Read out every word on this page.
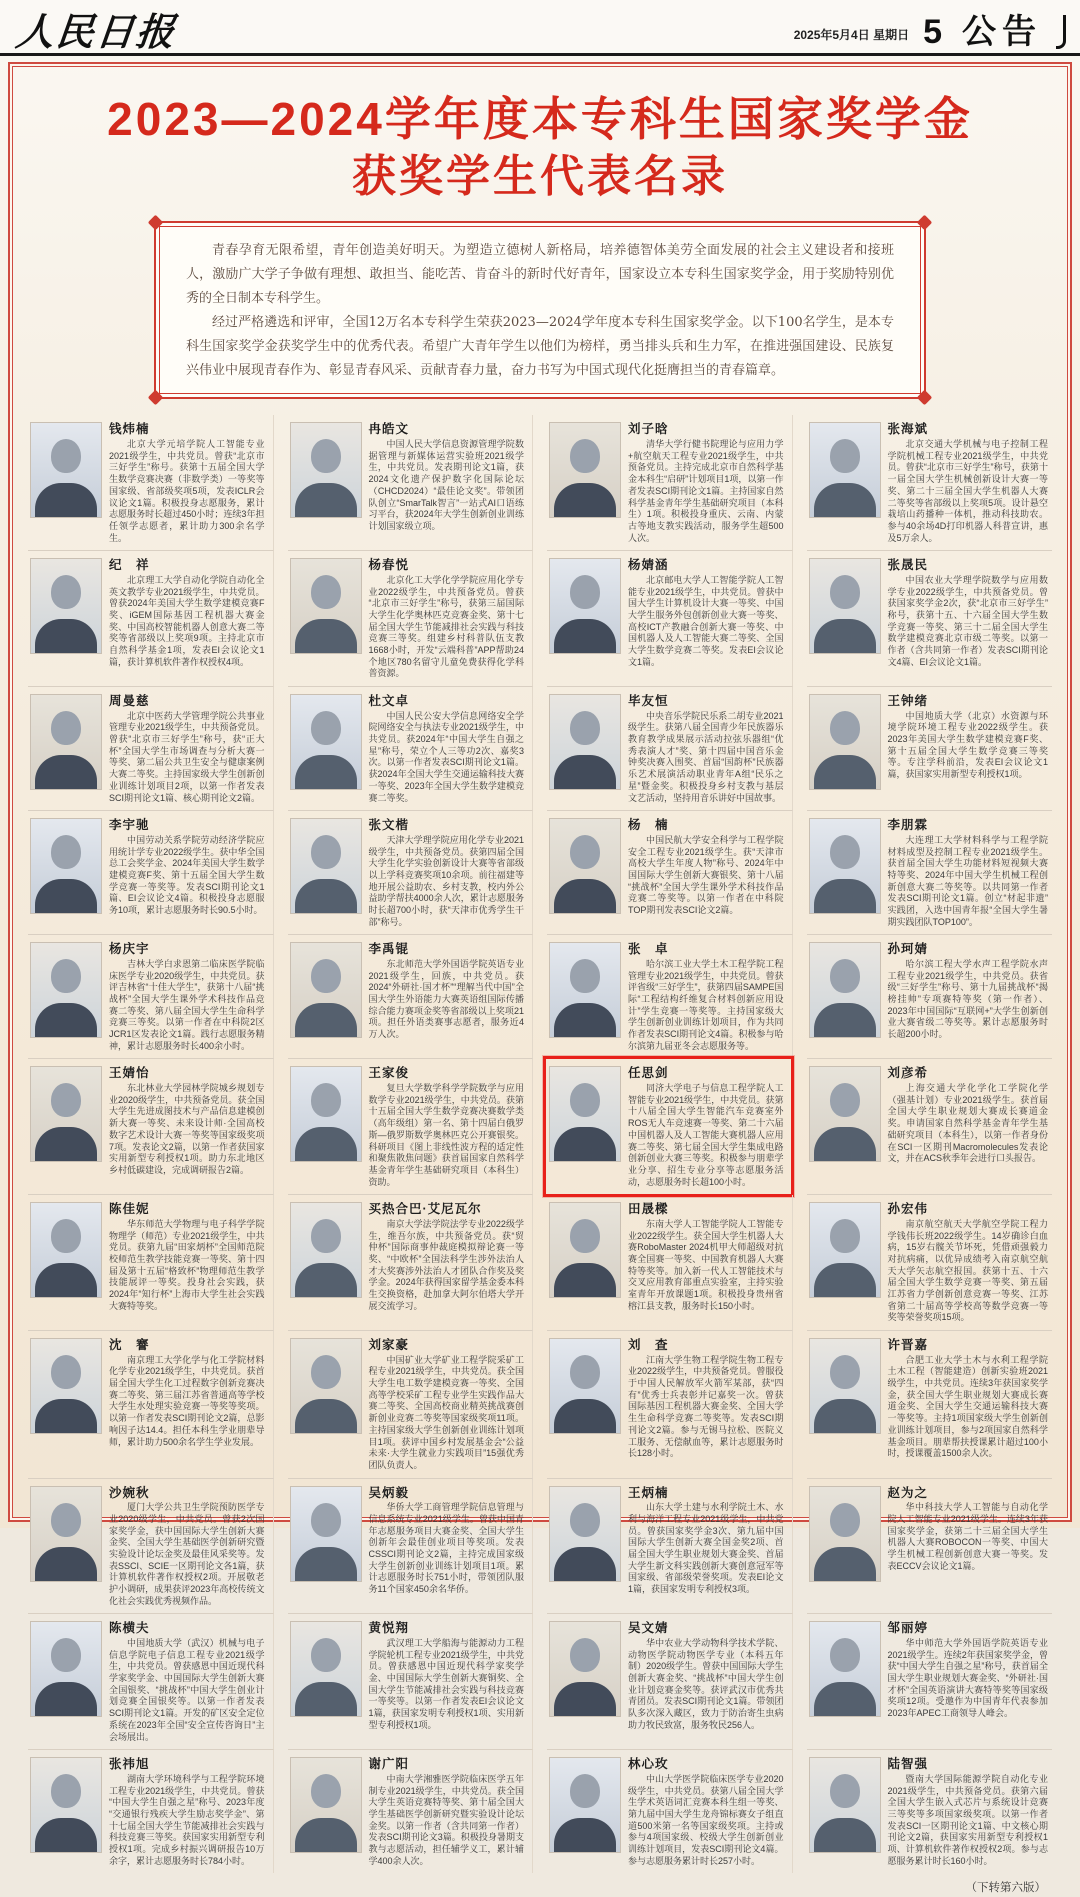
人民日报	2025年5月4日 星期日 5 公告
2023—2024学年度本专科生国家奖学金
获奖学生代表名录

青春孕育无限希望，青年创造美好明天。为塑造立德树人新格局，培养德智体美劳全面发展的社会主义建设者和接班人，激励广大学子争做有理想、敢担当、能吃苦、肯奋斗的新时代好青年，国家设立本专科生国家奖学金，用于奖励特别优秀的全日制本专科学生。

经过严格遴选和评审，全国12万名本专科学生荣获2023—2024学年度本专科生国家奖学金。以下100名学生，是本专科生国家奖学金获奖学生中的优秀代表。希望广大青年学生以他们为榜样，勇当排头兵和生力军，在推进强国建设、民族复兴伟业中展现青春作为、彰显青春风采、贡献青春力量，奋力书写为中国式现代化挺膺担当的青春篇章。

钱炜楠
北京大学元培学院人工智能专业2021级学生，中共党员。曾获“北京市三好学生”称号。获第十五届全国大学生数学竞赛决赛（非数学类）一等奖等国家级、省部级奖项5项，发表ICLR会议论文1篇。积极投身志愿服务，累计志愿服务时长超过450小时；连续3年担任领学志愿者，累计助力300余名学生。
冉皓文
中国人民大学信息资源管理学院数据管理与新媒体运营实验班2021级学生，中共党员。发表期刊论文1篇，获2024文化遗产保护数字化国际论坛（CHCD2024）“最佳论文奖”。带领团队创立“SmarTalk智言”一站式AI口语练习平台，获2024年大学生创新创业训练计划国家级立项。
刘子晗
清华大学行健书院理论与应用力学+航空航天工程专业2021级学生，中共预备党员。主持完成北京市自然科学基金本科生“启研”计划项目1项，以第一作者发表SCI期刊论文1篇。主持国家自然科学基金青年学生基础研究项目（本科生）1项。积极投身重庆、云南、内蒙古等地支教实践活动，服务学生超500人次。
张海斌
北京交通大学机械与电子控制工程学院机械工程专业2021级学生，中共党员。曾获“北京市三好学生”称号，获第十一届全国大学生机械创新设计大赛一等奖、第二十三届全国大学生机器人大赛二等奖等省部级以上奖项5项。设计悬空栽培山药播种一体机，推动科技助农。参与40余场4D打印机器人科普宣讲，惠及5万余人。
纪　祥
北京理工大学自动化学院自动化全英文教学专业2021级学生，中共党员。曾获2024年美国大学生数学建模竞赛F奖、iGEM国际基因工程机器大赛金奖、中国高校智能机器人创意大赛二等奖等省部级以上奖项9项。主持北京市自然科学基金1项，发表EI会议论文1篇，获计算机软件著作权授权4项。
杨春悦
北京化工大学化学学院应用化学专业2022级学生，中共预备党员。曾获“北京市三好学生”称号，获第三届国际大学生化学奥林匹克竞赛金奖、第十七届全国大学生节能减排社会实践与科技竞赛三等奖。组建乡村科普队伍支教1668小时，开发“云端科普”APP帮助24个地区780名留守儿童免费获得化学科普资源。
杨婧涵
北京邮电大学人工智能学院人工智能专业2021级学生，中共党员。曾获中国大学生计算机设计大赛一等奖、中国大学生服务外包创新创业大赛一等奖、高校ICT产教融合创新大赛一等奖、中国机器人及人工智能大赛二等奖、全国大学生数学竞赛二等奖。发表EI会议论文1篇。
张晟民
中国农业大学理学院数学与应用数学专业2022级学生，中共预备党员。曾获国家奖学金2次，获“北京市三好学生”称号，获第十五、十六届全国大学生数学竞赛一等奖、第三十二届全国大学生数学建模竞赛北京市级二等奖。以第一作者（含共同第一作者）发表SCI期刊论文4篇、EI会议论文1篇。
周曼慈
北京中医药大学管理学院公共事业管理专业2021级学生，中共预备党员。曾获“北京市三好学生”称号，获“正大杯”全国大学生市场调查与分析大赛一等奖、第二届公共卫生安全与健康案例大赛二等奖。主持国家级大学生创新创业训练计划项目2项，以第一作者发表SCI期刊论文1篇、核心期刊论文2篇。
杜文卓
中国人民公安大学信息网络安全学院网络安全与执法专业2021级学生，中共党员。获2024年“中国大学生自强之星”称号，荣立个人三等功2次、嘉奖3次。以第一作者发表SCI期刊论文1篇。获2024年全国大学生交通运输科技大赛一等奖、2023年全国大学生数学建模竞赛二等奖。
毕友恒
中央音乐学院民乐系二胡专业2021级学生。获第八届全国青少年民族器乐教育教学成果展示活动拉弦乐器组“优秀表演人才”奖、第十四届中国音乐金钟奖决赛入围奖、首届“国韵杯”民族器乐艺术展演活动职业青年A组“民乐之星”暨金奖。积极投身乡村支教与基层文艺活动，坚持用音乐讲好中国故事。
王钟绪
中国地质大学（北京）水资源与环境学院环境工程专业2022级学生。获2023年美国大学生数学建模竞赛F奖、第十五届全国大学生数学竞赛三等奖等。专注学科前沿，发表EI会议论文1篇，获国家实用新型专利授权1项。
李宇驰
中国劳动关系学院劳动经济学院应用统计学专业2022级学生。获中华全国总工会奖学金、2024年美国大学生数学建模竞赛F奖、第十五届全国大学生数学竞赛一等奖等。发表SCI期刊论文1篇、EI会议论文4篇。积极投身志愿服务10项，累计志愿服务时长90.5小时。
张文楷
天津大学理学院应用化学专业2021级学生，中共预备党员。获第四届全国大学生化学实验创新设计大赛等省部级以上学科竞赛奖项10余项。前往福建等地开展公益助农、乡村支教，校内外公益助学帮扶4000余人次，累计志愿服务时长超700小时，获“天津市优秀学生干部”称号。
杨　楠
中国民航大学安全科学与工程学院安全工程专业2021级学生。获“天津市高校大学生年度人物”称号、2024年中国国际大学生创新大赛银奖、第十八届“挑战杯”全国大学生课外学术科技作品竞赛二等奖等。以第一作者在中科院TOP期刊发表SCI论文2篇。
李朋霖
大连理工大学材料科学与工程学院材料成型及控制工程专业2021级学生。获首届全国大学生功能材料短视频大赛特等奖、2024年中国大学生机械工程创新创意大赛二等奖等。以共同第一作者发表SCI期刊论文1篇。创立“材起非遗”实践团，入选中国青年报“全国大学生暑期实践团队TOP100”。
杨庆宇
吉林大学白求恩第二临床医学院临床医学专业2020级学生，中共党员。获评吉林省“十佳大学生”，获第十八届“挑战杯”全国大学生课外学术科技作品竞赛二等奖、第八届全国大学生生命科学竞赛三等奖。以第一作者在中科院2区JCR1区发表论文1篇。践行志愿服务精神，累计志愿服务时长400余小时。
李禹锟
东北师范大学外国语学院英语专业2021级学生，回族，中共党员。获2024“外研社·国才杯”“理解当代中国”全国大学生外语能力大赛英语组国际传播综合能力赛项金奖等省部级以上奖项21项。担任外语类赛事志愿者，服务近4万人次。
张　卓
哈尔滨工业大学土木工程学院工程管理专业2021级学生，中共党员。曾获评省级“三好学生”，获第四届SAMPE国际“工程结构纤维复合材料创新应用设计”学生竞赛一等奖等。主持国家级大学生创新创业训练计划项目，作为共同作者发表SCI期刊论文4篇。积极参与哈尔滨第九届亚冬会志愿服务等。
孙珂婧
哈尔滨工程大学水声工程学院水声工程专业2021级学生，中共党员。获省级“三好学生”称号、第十九届挑战杯“揭榜挂帅”专项赛特等奖（第一作者）、2023年中国国际“互联网+”大学生创新创业大赛省级二等奖等。累计志愿服务时长超200小时。
王婧怡
东北林业大学园林学院城乡规划专业2020级学生，中共预备党员。获全国大学生先进成图技术与产品信息建模创新大赛一等奖、未来设计师·全国高校数字艺术设计大赛一等奖等国家级奖项7项。发表论文2篇，以第一作者获国家实用新型专利授权1项。助力东北地区乡村低碳建设，完成调研报告2篇。
王家俊
复旦大学数学科学学院数学与应用数学专业2021级学生，中共党员。获第十五届全国大学生数学竞赛决赛数学类（高年级组）第一名、第十四届白俄罗斯—俄罗斯数学奥林匹克公开赛银奖。科研项目《图上非线性波方程的适定性和聚焦散焦问题》获首届国家自然科学基金青年学生基础研究项目（本科生）资助。
任思剑
同济大学电子与信息工程学院人工智能专业2021级学生，中共党员。获第十八届全国大学生智能汽车竞赛室外ROS无人车竞速赛一等奖、第二十六届中国机器人及人工智能大赛机器人应用赛二等奖、第七届全国大学生集成电路创新创业大赛三等奖。积极参与朋辈学业分享、招生专业分享等志愿服务活动，志愿服务时长超100小时。
刘彦希
上海交通大学化学化工学院化学（强基计划）专业2021级学生。获首届全国大学生职业规划大赛成长赛道金奖。申请国家自然科学基金青年学生基础研究项目（本科生），以第一作者身份在SCI一区期刊Macromolecules发表论文，并在ACS秋季年会进行口头报告。
陈佳妮
华东师范大学物理与电子科学学院物理学（师范）专业2021级学生，中共党员。获第九届“田家炳杯”全国师范院校师范生教学技能竞赛一等奖、第十四届及第十五届“格致杯”物理师范生教学技能展评一等奖。投身社会实践，获2024年“知行杯”上海市大学生社会实践大赛特等奖。
买热合巴·艾尼瓦尔
南京大学法学院法学专业2022级学生，维吾尔族，中共预备党员。获“贸仲杯”国际商事仲裁庭模拟辩论赛一等奖、“中欧杯”全国法科学生涉外法治人才大奖赛涉外法治人才团队合作奖及奖学金。2024年获得国家留学基金委本科生交换资格，赴加拿大阿尔伯塔大学开展交流学习。
田晟樑
东南大学人工智能学院人工智能专业2022级学生。获全国大学生机器人大赛RoboMaster 2024机甲大师超级对抗赛全国赛一等奖、中国教育机器人大赛特等奖等。加入新一代人工智能技术与交叉应用教育部重点实验室，主持实验室青年开放课题1项。积极投身贵州省榕江县支教，服务时长150小时。
孙宏伟
南京航空航天大学航空学院工程力学钱伟长班2022级学生。14岁确诊白血病，15岁右髋关节坏死，凭借顽强毅力对抗病痛，以优异成绩考入南京航空航天大学矢志航空报国。获第十五、十六届全国大学生数学竞赛一等奖、第五届江苏省力学创新创意竞赛一等奖、江苏省第二十届高等学校高等数学竞赛一等奖等荣誉奖项15项。
沈　謇
南京理工大学化学与化工学院材料化学专业2021级学生，中共党员。获首届全国大学生化工过程数字创新竞赛决赛二等奖、第三届江苏省普通高等学校大学生水处理实验竞赛一等奖等奖项。以第一作者发表SCI期刊论文2篇，总影响因子达14.4。担任本科生学业朋辈导师，累计助力500余名学生学业发展。
刘家豪
中国矿业大学矿业工程学院采矿工程专业2021级学生，中共党员。获全国大学生电工数学建模竞赛一等奖、全国高等学校采矿工程专业学生实践作品大赛二等奖、全国高校商业精英挑战赛创新创业竞赛二等奖等国家级奖项11项。主持国家级大学生创新创业训练计划项目1项。获评中国乡村发展基金会“公益未来·大学生就业力实践项目”15强优秀团队负责人。
刘　查
江南大学生物工程学院生物工程专业2022级学生，中共预备党员。曾服役于中国人民解放军火箭军某部，获“四有”优秀士兵表彰并记嘉奖一次。曾获国际基因工程机器大赛金奖、全国大学生生命科学竞赛二等奖等。发表SCI期刊论文2篇。参与无锡马拉松、医院义工服务、无偿献血等，累计志愿服务时长128小时。
许晋嘉
合肥工业大学土木与水利工程学院土木工程（智能建造）创新实验班2021级学生，中共党员。连续3年获国家奖学金，获全国大学生职业规划大赛成长赛道金奖、全国大学生交通运输科技大赛一等奖等。主持1项国家级大学生创新创业训练计划项目，参与2项国家自然科学基金项目。朋辈帮扶授课累计超过100小时，授课覆盖1500余人次。
沙婉秋
厦门大学公共卫生学院预防医学专业2020级学生，中共党员。曾获2次国家奖学金，获中国国际大学生创新大赛金奖、全国大学生基础医学创新研究暨实验设计论坛金奖及最佳风采奖等。发表SSCI、SCIE一区期刊论文各1篇，获计算机软件著作权授权2项。开展敬老护小调研，成果获评2023年高校传统文化社会实践优秀视频作品。
吴炳毅
华侨大学工商管理学院信息管理与信息系统专业2021级学生。曾获中国青年志愿服务项目大赛金奖、全国大学生创新年会最佳创业项目等奖项。发表CSSCI期刊论文2篇，主持完成国家级大学生创新创业训练计划项目1项。累计志愿服务时长751小时，带领团队服务11个国家450余名华侨。
王炳楠
山东大学土建与水利学院土木、水利与海洋工程专业2021级学生，中共党员。曾获国家奖学金3次、第九届中国国际大学生创新大赛全国金奖2项、首届全国大学生职业规划大赛金奖、首届大学生新文科实践创新大赛创意冠军等国家级、省部级荣誉奖项。发表EI论文1篇，获国家发明专利授权3项。
赵为之
华中科技大学人工智能与自动化学院人工智能专业2021级学生。连续3年获国家奖学金，获第二十三届全国大学生机器人大赛ROBOCON一等奖、中国大学生机械工程创新创意大赛一等奖。发表ECCV会议论文1篇。
陈横夫
中国地质大学（武汉）机械与电子信息学院电子信息工程专业2021级学生，中共党员。曾获感恩中国近现代科学家奖学金、中国国际大学生创新大赛全国银奖、“挑战杯”中国大学生创业计划竞赛全国银奖等。以第一作者发表SCI期刊论文1篇。开发的矿区安全定位系统在2023年全国“安全宣传咨询日”主会场展出。
黄悦翔
武汉理工大学船海与能源动力工程学院轮机工程专业2021级学生，中共党员。曾获感恩中国近现代科学家奖学金、中国国际大学生创新大赛铜奖、全国大学生节能减排社会实践与科技竞赛一等奖等。以第一作者发表EI会议论文1篇，获国家发明专利授权1项、实用新型专利授权1项。
吴文婧
华中农业大学动物科学技术学院、动物医学院动物医学专业（本科五年制）2020级学生。曾获中国国际大学生创新大赛金奖、“挑战杯”中国大学生创业计划竞赛金奖等。获评武汉市优秀共青团员。发表SCI期刊论文1篇。带领团队多次深入藏区，致力于防治寄生虫病助力牧民致富，服务牧民256人。
邹丽婷
华中师范大学外国语学院英语专业2021级学生。连续2年获国家奖学金，曾获“中国大学生自强之星”称号，获首届全国大学生职业规划大赛金奖、“外研社·国才杯”全国英语演讲大赛特等奖等国家级奖项12项。受邀作为中国青年代表参加2023年APEC工商领导人峰会。
张祎旭
湖南大学环境科学与工程学院环境工程专业2021级学生，中共党员。曾获“中国大学生自强之星”称号、2023年度“交通银行残疾大学生励志奖学金”、第十七届全国大学生节能减排社会实践与科技竞赛三等奖。获国家实用新型专利授权1项。完成乡村振兴调研报告10万余字，累计志愿服务时长784小时。
谢广阳
中南大学湘雅医学院临床医学五年制专业2021级学生，中共党员。获全国大学生英语竞赛特等奖、第十届全国大学生基础医学创新研究暨实验设计论坛金奖。以第一作者（含共同第一作者）发表SCI期刊论文3篇。积极投身暑期支教与志愿活动，担任辅学义工，累计辅学400余人次。
林心玫
中山大学医学院临床医学专业2020级学生，中共党员。获第八届全国大学生学术英语词汇竞赛本科生组一等奖、第九届中国大学生龙舟锦标赛女子组直道500米第一名等国家级奖项。主持或参与4项国家级、校级大学生创新创业训练计划项目，发表SCI期刊论文4篇。参与志愿服务累计时长257小时。
陆智强
暨南大学国际能源学院自动化专业2021级学生，中共预备党员。获第六届全国大学生嵌入式芯片与系统设计竞赛三等奖等多项国家级奖项。以第一作者发表SCI一区期刊论文1篇、中文核心期刊论文2篇，获国家实用新型专利授权1项、计算机软件著作权授权2项。参与志愿服务累计时长160小时。
（下转第六版）
